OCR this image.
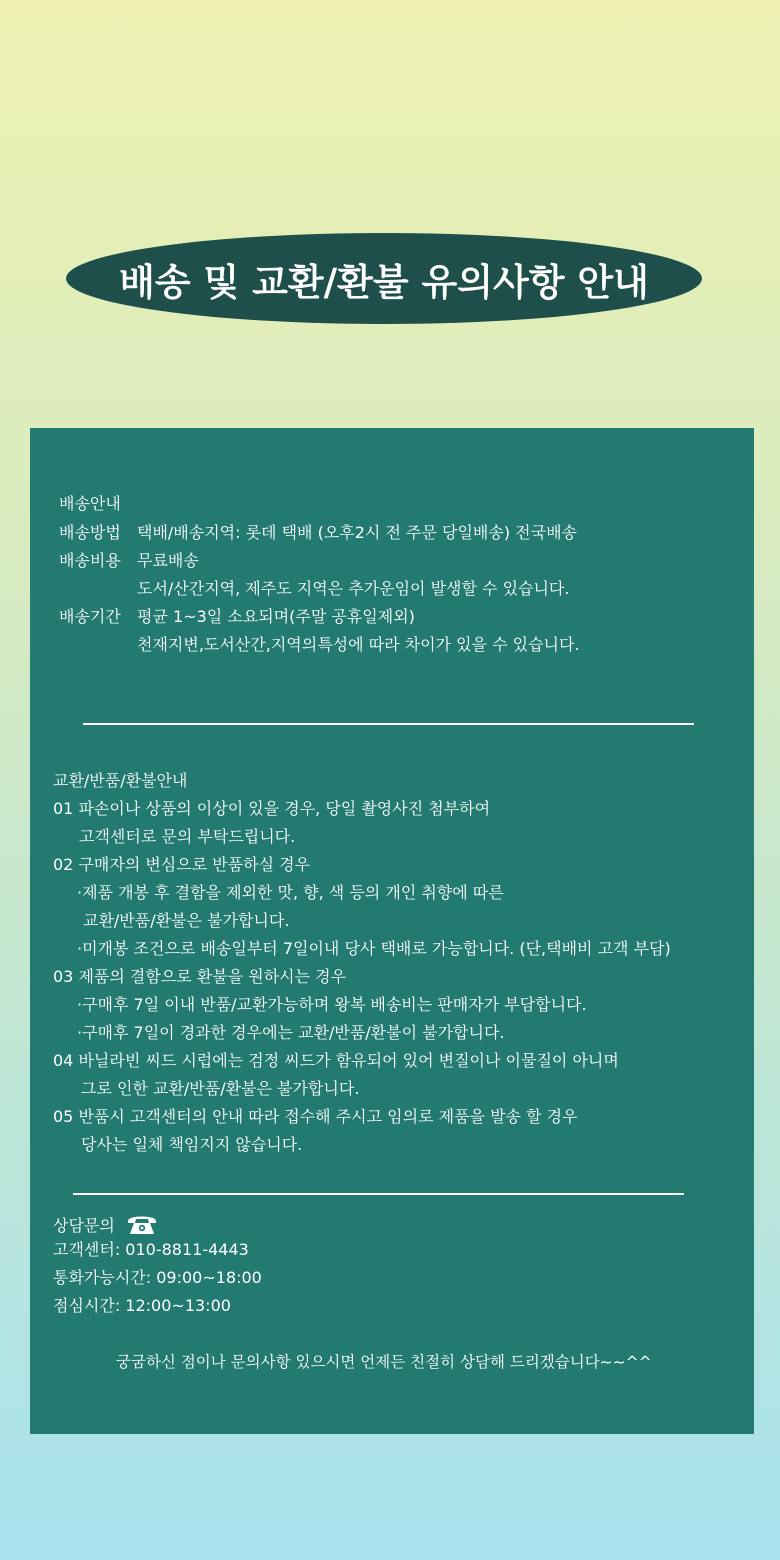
배송 및 교환/환불 유의사항 안내
배송안내
배송방법 택배/배송지역: 롯데 택배 (오후2시 전 주문 당일배송) 전국배송
배송비용 무료배송
도서/산간지역, 제주도 지역은 추가운임이 발생할 수 있습니다.
배송기간 평균 1~3일 소요되며(주말 공휴일제외)
천재지변,도서산간,지역의특성에 따라 차이가 있을 수 있습니다.
교환/반품/환불안내
01 파손이나 상품의 이상이 있을 경우, 당일 촬영사진 첨부하여
고객센터로 문의 부탁드립니다.
02 구매자의 변심으로 반품하실 경우
·제품 개봉 후 결함을 제외한 맛, 향, 색 등의 개인 취향에 따른
교환/반품/환불은 불가합니다.
·미개봉 조건으로 배송일부터 7일이내 당사 택배로 가능합니다. (단,택배비 고객 부담)
03 제품의 결함으로 환불을 원하시는 경우
·구매후 7일 이내 반품/교환가능하며 왕복 배송비는 판매자가 부담합니다.
·구매후 7일이 경과한 경우에는 교환/반품/환불이 불가합니다.
04 바닐라빈 씨드 시럽에는 검정 씨드가 함유되어 있어 변질이나 이물질이 아니며
그로 인한 교환/반품/환불은 불가합니다.
05 반품시 고객센터의 안내 따라 접수해 주시고 임의로 제품을 발송 할 경우
당사는 일체 책임지지 않습니다.
상담문의
고객센터: 010-8811-4443
통화가능시간: 09:00~18:00
점심시간: 12:00~13:00
궁굼하신 점이나 문의사항 있으시면 언제든 친절히 상담해 드리겠습니다~~^^
